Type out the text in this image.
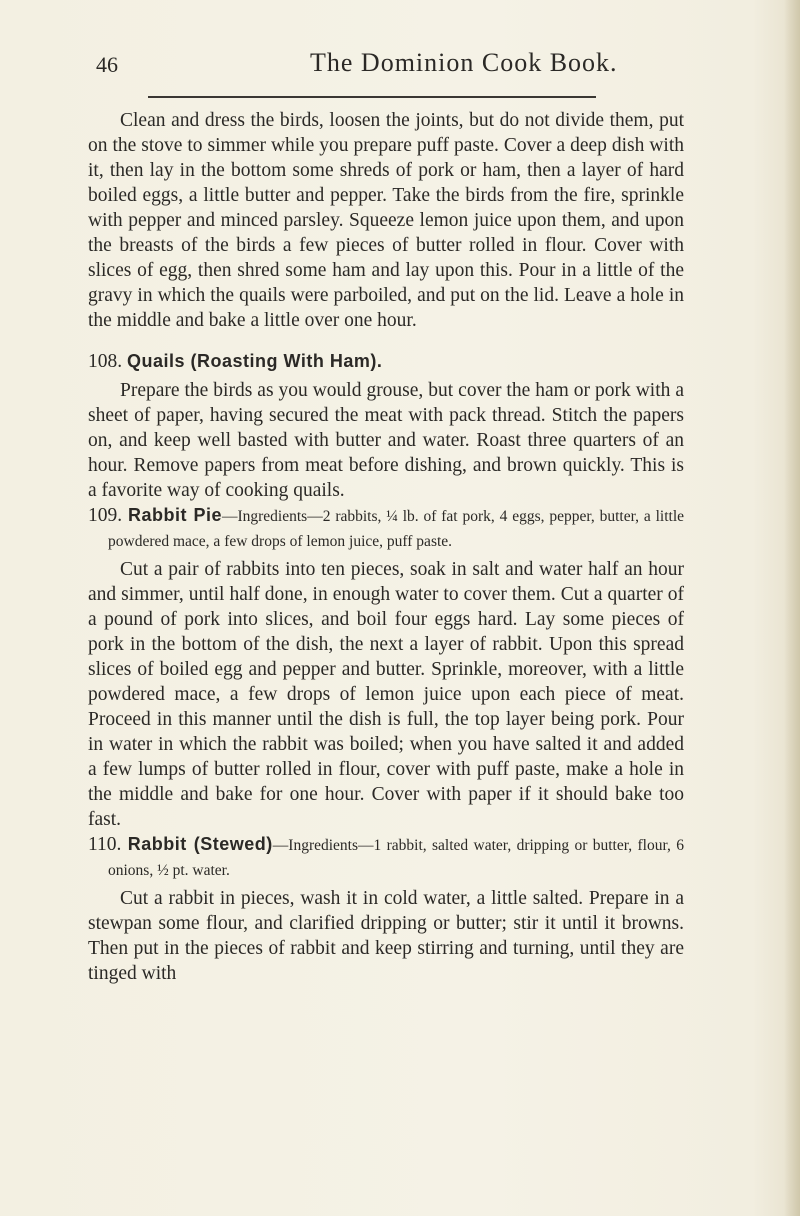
46	The Dominion Cook Book.

Clean and dress the birds, loosen the joints, but do not divide them, put on the stove to simmer while you prepare puff paste. Cover a deep dish with it, then lay in the bottom some shreds of pork or ham, then a layer of hard boiled eggs, a little butter and pepper. Take the birds from the fire, sprinkle with pepper and minced parsley. Squeeze lemon juice upon them, and upon the breasts of the birds a few pieces of butter rolled in flour. Cover with slices of egg, then shred some ham and lay upon this. Pour in a little of the gravy in which the quails were parboiled, and put on the lid. Leave a hole in the middle and bake a little over one hour.

108. Quails (Roasting With Ham).

Prepare the birds as you would grouse, but cover the ham or pork with a sheet of paper, having secured the meat with pack thread. Stitch the papers on, and keep well basted with butter and water. Roast three quarters of an hour. Remove papers from meat before dishing, and brown quickly. This is a favorite way of cooking quails.

109. Rabbit Pie—Ingredients—2 rabbits, ¼ lb. of fat pork, 4 eggs, pepper, butter, a little powdered mace, a few drops of lemon juice, puff paste.

Cut a pair of rabbits into ten pieces, soak in salt and water half an hour and simmer, until half done, in enough water to cover them. Cut a quarter of a pound of pork into slices, and boil four eggs hard. Lay some pieces of pork in the bottom of the dish, the next a layer of rabbit. Upon this spread slices of boiled egg and pepper and butter. Sprinkle, moreover, with a little powdered mace, a few drops of lemon juice upon each piece of meat. Proceed in this manner until the dish is full, the top layer being pork. Pour in water in which the rabbit was boiled; when you have salted it and added a few lumps of butter rolled in flour, cover with puff paste, make a hole in the middle and bake for one hour. Cover with paper if it should bake too fast.

110. Rabbit (Stewed)—Ingredients—1 rabbit, salted water, dripping or butter, flour, 6 onions, ½ pt. water.

Cut a rabbit in pieces, wash it in cold water, a little salted. Prepare in a stewpan some flour, and clarified dripping or butter; stir it until it browns. Then put in the pieces of rabbit and keep stirring and turning, until they are tinged with
